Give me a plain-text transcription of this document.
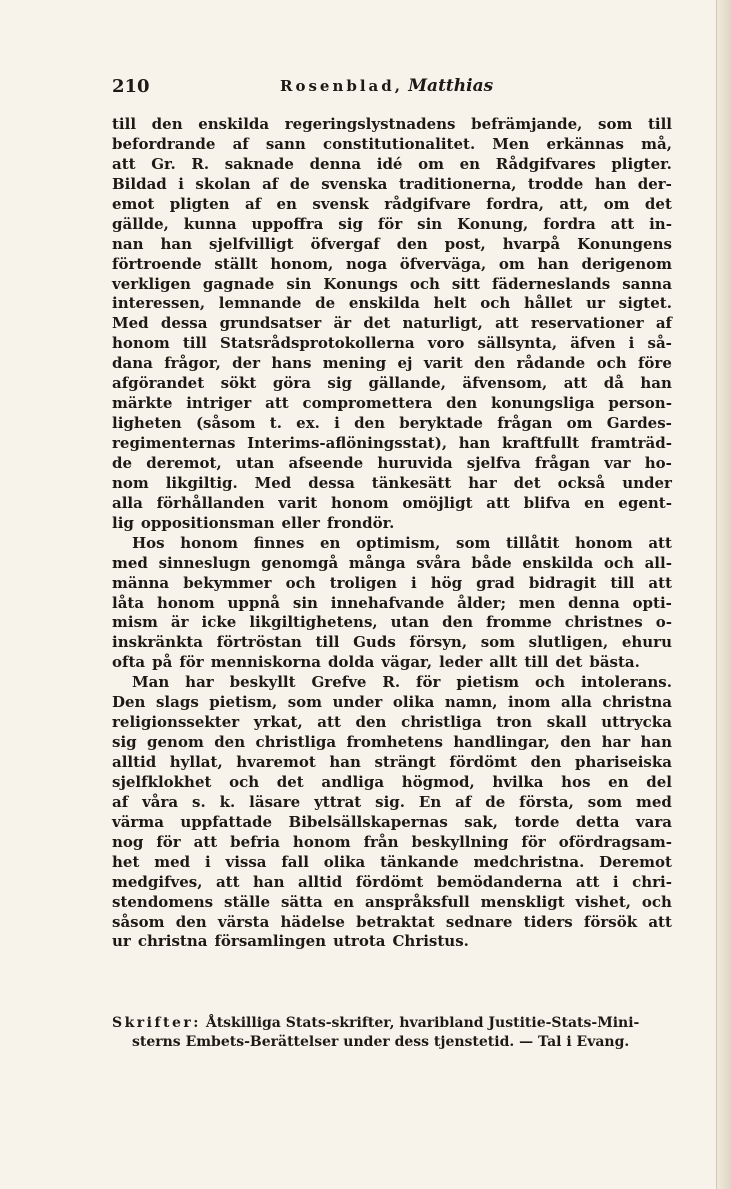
210	Rosenblad, Matthias
till den enskilda regeringslystnadens befrämjande, som till
befordrande af sann constitutionalitet. Men erkännas må,
att Gr. R. saknade denna idé om en Rådgifvares pligter.
Bildad i skolan af de svenska traditionerna, trodde han der-
emot pligten af en svensk rådgifvare fordra, att, om det
gällde, kunna uppoffra sig för sin Konung, fordra att in-
nan han sjelfvilligt öfvergaf den post, hvarpå Konungens
förtroende ställt honom, noga öfverväga, om han derigenom
verkligen gagnade sin Konungs och sitt fäderneslands sanna
interessen, lemnande de enskilda helt och hållet ur sigtet.
Med dessa grundsatser är det naturligt, att reservationer af
honom till Statsrådsprotokollerna voro sällsynta, äfven i så-
dana frågor, der hans mening ej varit den rådande och före
afgörandet sökt göra sig gällande, äfvensom, att då han
märkte intriger att compromettera den konungsliga person-
ligheten (såsom t. ex. i den beryktade frågan om Gardes-
regimenternas Interims-aflöningsstat), han kraftfullt framträd-
de deremot, utan afseende huruvida sjelfva frågan var ho-
nom likgiltig. Med dessa tänkesätt har det också under
alla förhållanden varit honom omöjligt att blifva en egent-
lig oppositionsman eller frondör.
Hos honom finnes en optimism, som tillåtit honom att
med sinneslugn genomgå många svåra både enskilda och all-
männa bekymmer och troligen i hög grad bidragit till att
låta honom uppnå sin innehafvande ålder; men denna opti-
mism är icke likgiltighetens, utan den fromme christnes o-
inskränkta förtröstan till Guds försyn, som slutligen, ehuru
ofta på för menniskorna dolda vägar, leder allt till det bästa.
Man har beskyllt Grefve R. för pietism och intolerans.
Den slags pietism, som under olika namn, inom alla christna
religionssekter yrkat, att den christliga tron skall uttrycka
sig genom den christliga fromhetens handlingar, den har han
alltid hyllat, hvaremot han strängt fördömt den phariseiska
sjelfklokhet och det andliga högmod, hvilka hos en del
af våra s. k. läsare yttrat sig. En af de första, som med
värma uppfattade Bibelsällskapernas sak, torde detta vara
nog för att befria honom från beskyllning för ofördragsam-
het med i vissa fall olika tänkande medchristna. Deremot
medgifves, att han alltid fördömt bemödanderna att i chri-
stendomens ställe sätta en anspråksfull menskligt vishet, och
såsom den värsta hädelse betraktat sednare tiders försök att
ur christna församlingen utrota Christus.
Skrifter: Åtskilliga Stats-skrifter, hvaribland Justitie-Stats-Mini-
sterns Embets-Berättelser under dess tjenstetid. — Tal i Evang.
